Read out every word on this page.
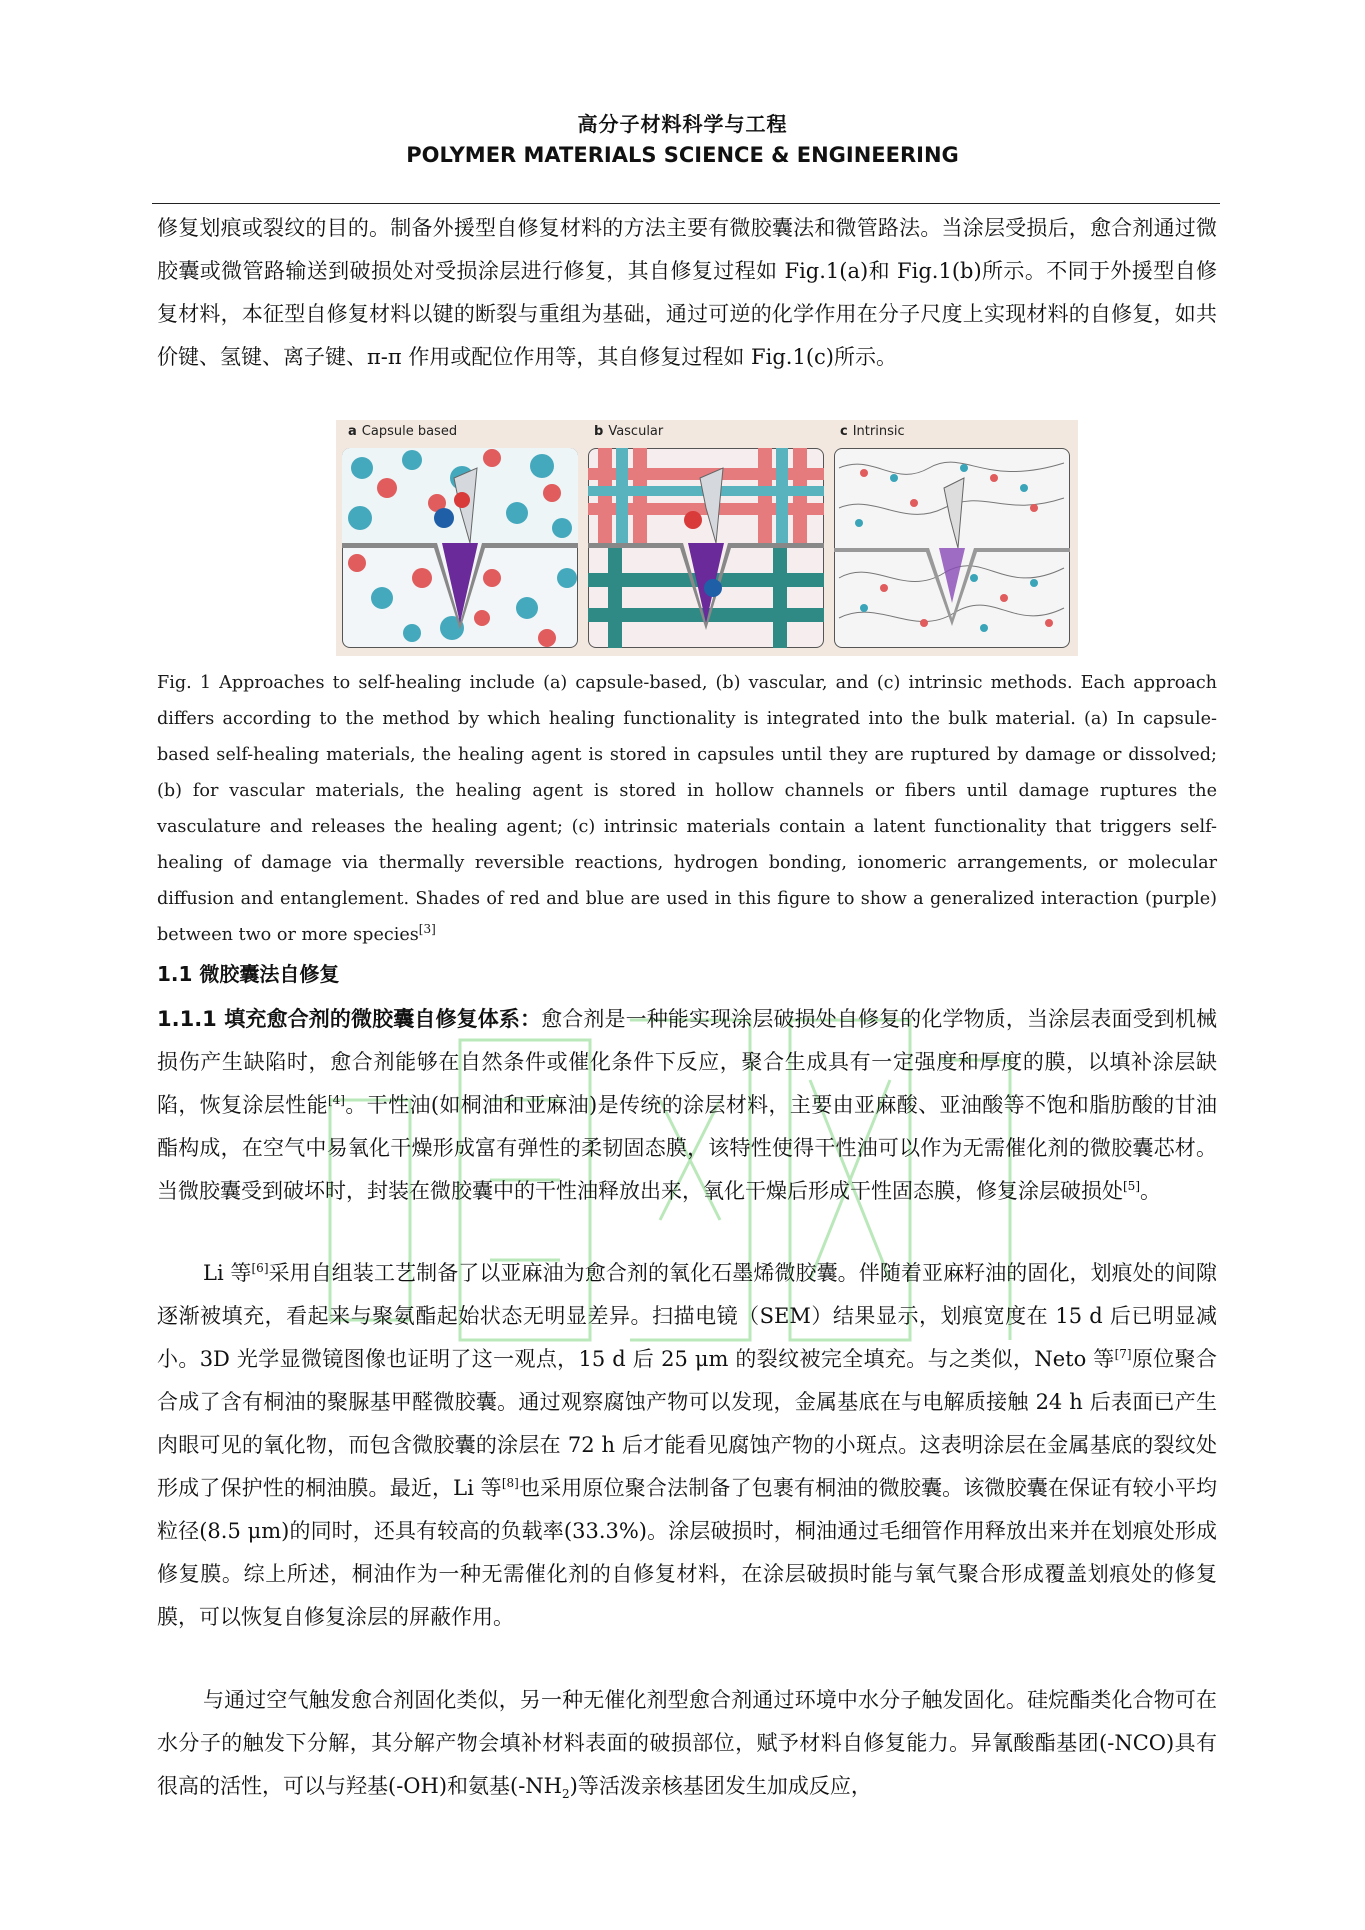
高分子材料科学与工程
POLYMER MATERIALS SCIENCE & ENGINEERING

修复划痕或裂纹的目的。制备外援型自修复材料的方法主要有微胶囊法和微管路法。当涂层受损后，愈合剂通过微胶囊或微管路输送到破损处对受损涂层进行修复，其自修复过程如 Fig.1(a)和 Fig.1(b)所示。不同于外援型自修复材料，本征型自修复材料以键的断裂与重组为基础，通过可逆的化学作用在分子尺度上实现材料的自修复，如共价键、氢键、离子键、π-π 作用或配位作用等，其自修复过程如 Fig.1(c)所示。

a Capsule based	b Vascular	c Intrinsic

Fig. 1 Approaches to self-healing include (a) capsule-based, (b) vascular, and (c) intrinsic methods. Each approach differs according to the method by which healing functionality is integrated into the bulk material. (a) In capsule-based self-healing materials, the healing agent is stored in capsules until they are ruptured by damage or dissolved; (b) for vascular materials, the healing agent is stored in hollow channels or fibers until damage ruptures the vasculature and releases the healing agent; (c) intrinsic materials contain a latent functionality that triggers self-healing of damage via thermally reversible reactions, hydrogen bonding, ionomeric arrangements, or molecular diffusion and entanglement. Shades of red and blue are used in this figure to show a generalized interaction (purple) between two or more species[3]

1.1 微胶囊法自修复

1.1.1 填充愈合剂的微胶囊自修复体系：愈合剂是一种能实现涂层破损处自修复的化学物质，当涂层表面受到机械损伤产生缺陷时，愈合剂能够在自然条件或催化条件下反应，聚合生成具有一定强度和厚度的膜，以填补涂层缺陷，恢复涂层性能[4]。干性油(如桐油和亚麻油)是传统的涂层材料，主要由亚麻酸、亚油酸等不饱和脂肪酸的甘油酯构成，在空气中易氧化干燥形成富有弹性的柔韧固态膜，该特性使得干性油可以作为无需催化剂的微胶囊芯材。当微胶囊受到破坏时，封装在微胶囊中的干性油释放出来，氧化干燥后形成干性固态膜，修复涂层破损处[5]。

Li 等[6]采用自组装工艺制备了以亚麻油为愈合剂的氧化石墨烯微胶囊。伴随着亚麻籽油的固化，划痕处的间隙逐渐被填充，看起来与聚氨酯起始状态无明显差异。扫描电镜（SEM）结果显示，划痕宽度在 15 d 后已明显减小。3D 光学显微镜图像也证明了这一观点，15 d 后 25 μm 的裂纹被完全填充。与之类似，Neto 等[7]原位聚合合成了含有桐油的聚脲基甲醛微胶囊。通过观察腐蚀产物可以发现，金属基底在与电解质接触 24 h 后表面已产生肉眼可见的氧化物，而包含微胶囊的涂层在 72 h 后才能看见腐蚀产物的小斑点。这表明涂层在金属基底的裂纹处形成了保护性的桐油膜。最近，Li 等[8]也采用原位聚合法制备了包裹有桐油的微胶囊。该微胶囊在保证有较小平均粒径(8.5 μm)的同时，还具有较高的负载率(33.3%)。涂层破损时，桐油通过毛细管作用释放出来并在划痕处形成修复膜。综上所述，桐油作为一种无需催化剂的自修复材料，在涂层破损时能与氧气聚合形成覆盖划痕处的修复膜，可以恢复自修复涂层的屏蔽作用。

与通过空气触发愈合剂固化类似，另一种无催化剂型愈合剂通过环境中水分子触发固化。硅烷酯类化合物可在水分子的触发下分解，其分解产物会填补材料表面的破损部位，赋予材料自修复能力。异氰酸酯基团(-NCO)具有很高的活性，可以与羟基(-OH)和氨基$(-NH_2)$等活泼亲核基团发生加成反应，
